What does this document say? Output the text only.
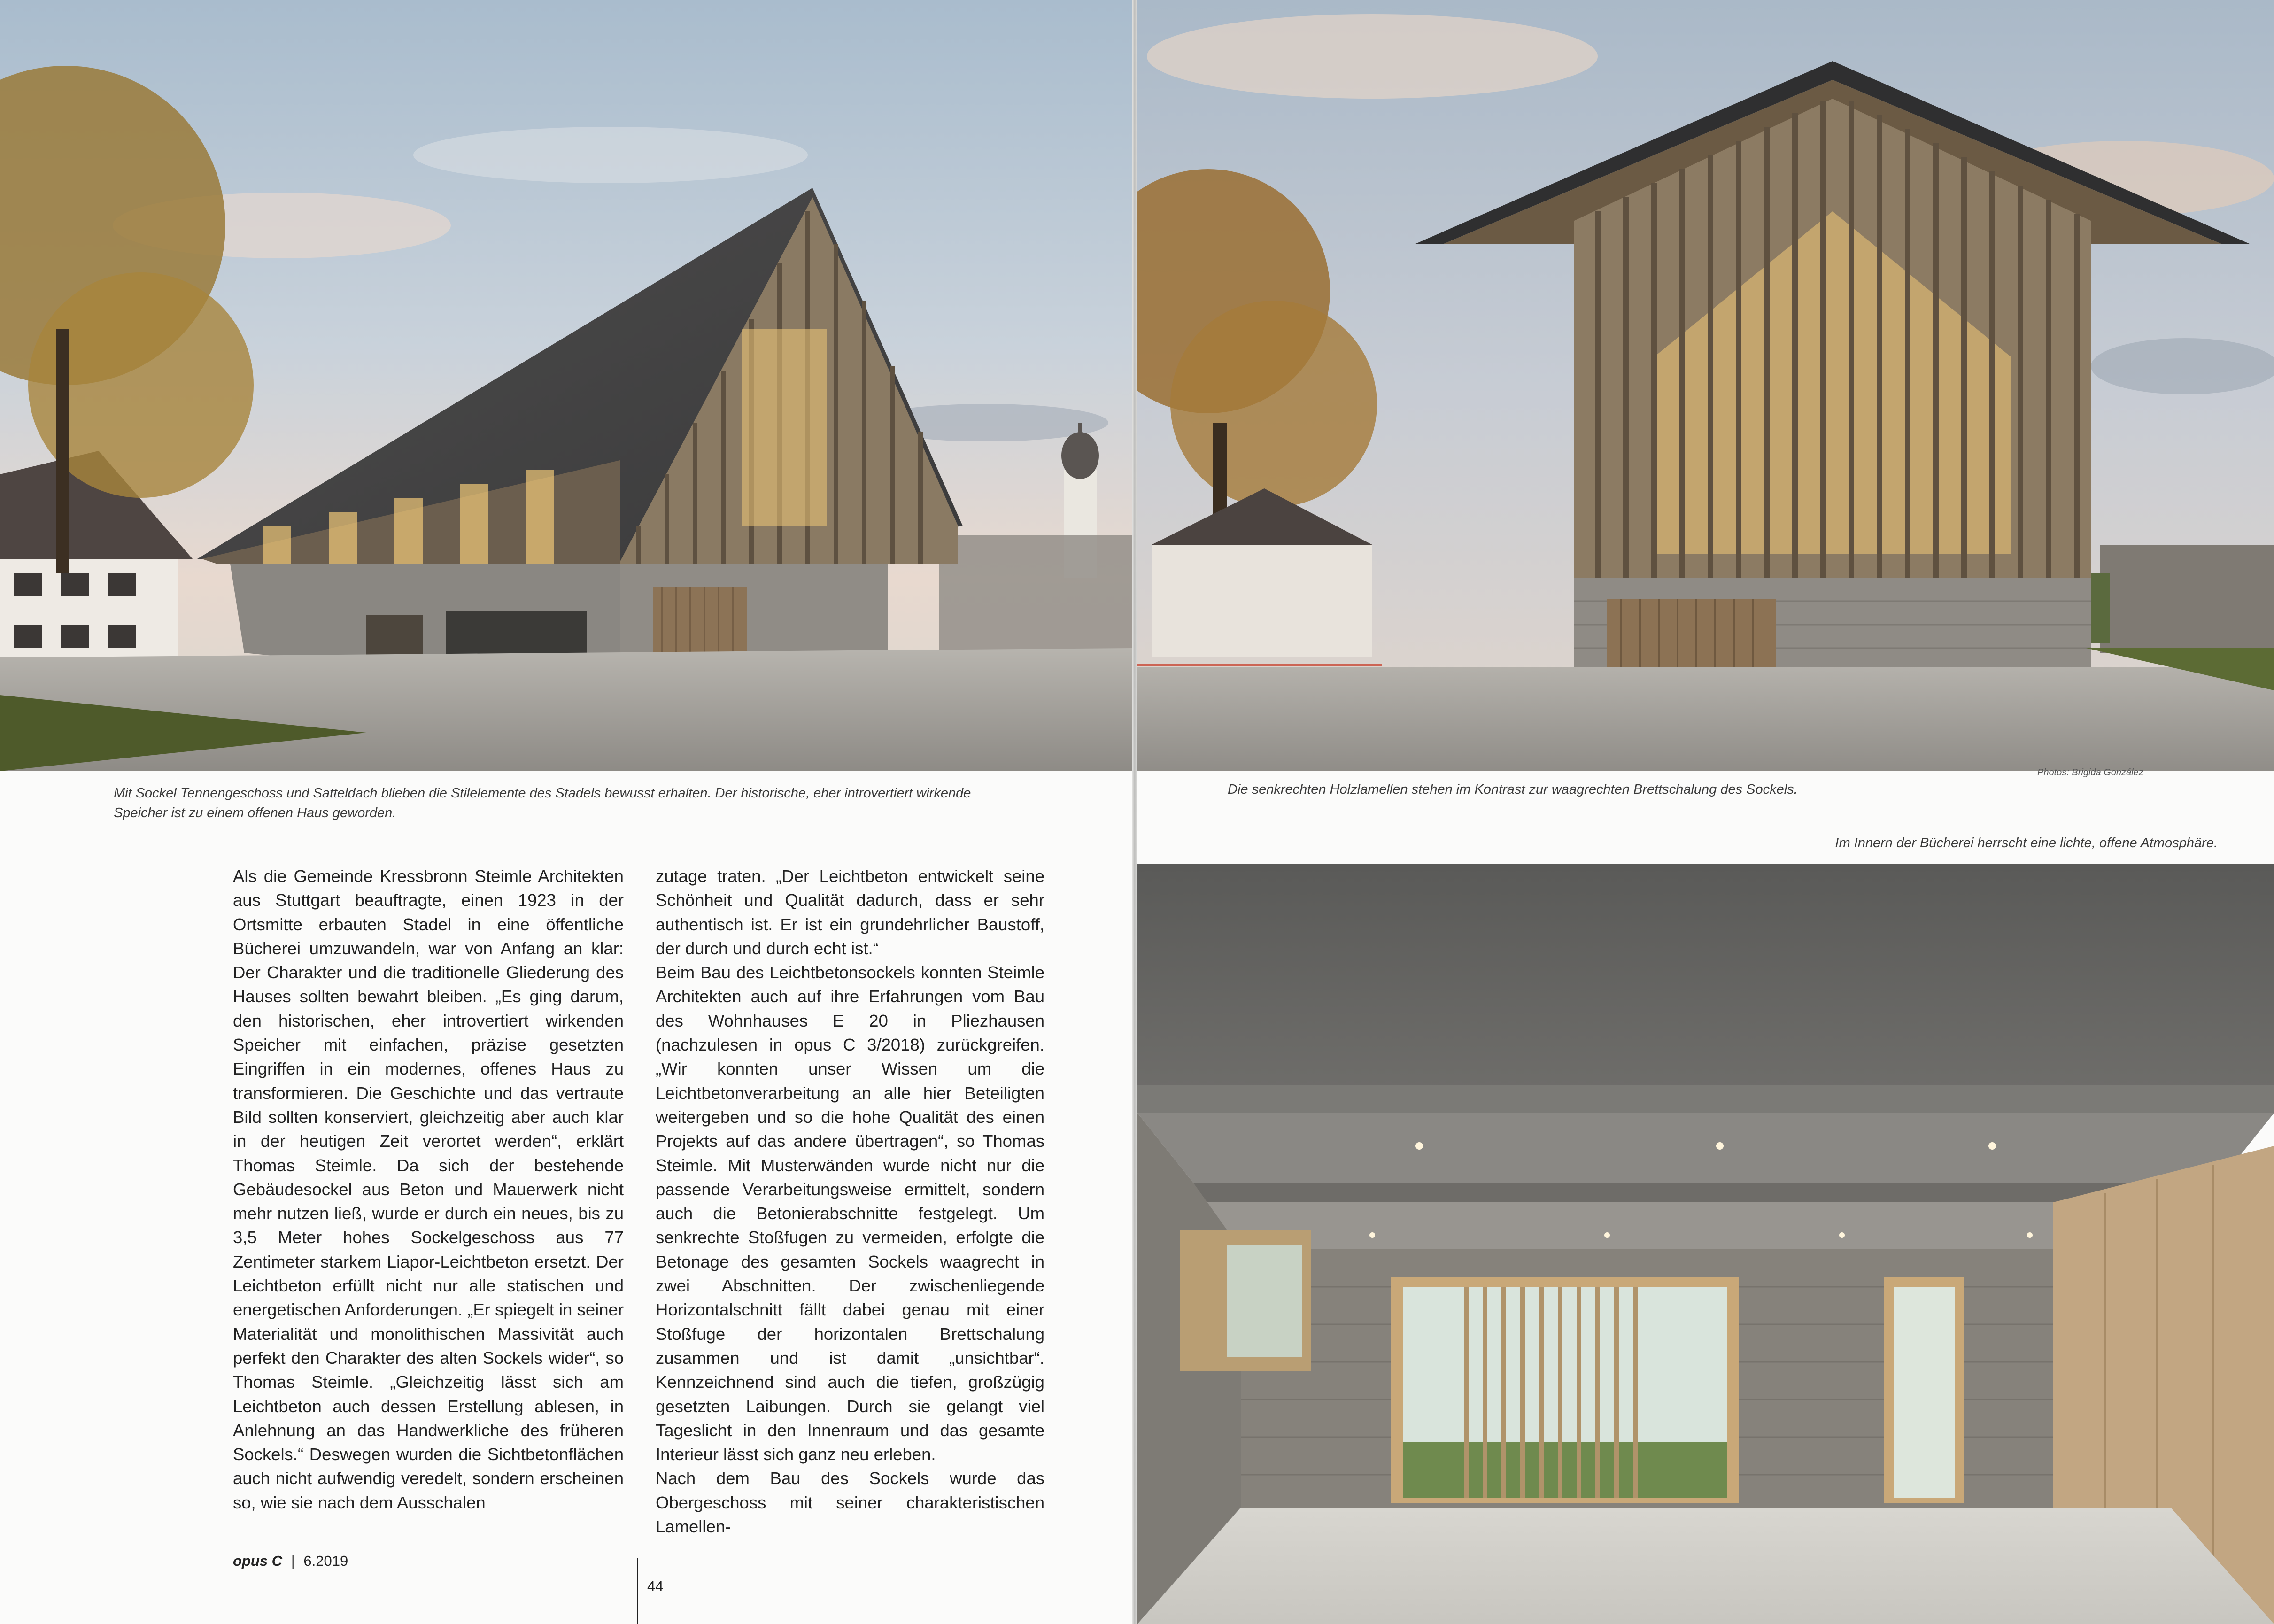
Mit Sockel Tennengeschoss und Satteldach blieben die Stilelemente des Stadels bewusst erhalten. Der historische, eher introvertiert wirkende
Speicher ist zu einem offenen Haus geworden.

Als die Gemeinde Kressbronn Steimle Architekten aus Stuttgart beauftragte, einen 1923 in der Ortsmitte erbauten Stadel in eine öffentliche Bücherei umzuwandeln, war von Anfang an klar: Der Charakter und die traditionelle Gliederung des Hauses sollten bewahrt bleiben. „Es ging darum, den historischen, eher introvertiert wirkenden Speicher mit einfachen, präzise gesetzten Eingriffen in ein modernes, offenes Haus zu transformieren. Die Geschichte und das vertraute Bild sollten konserviert, gleichzeitig aber auch klar in der heutigen Zeit verortet werden“, erklärt Thomas Steimle. Da sich der bestehende Gebäudesockel aus Beton und Mauerwerk nicht mehr nutzen ließ, wurde er durch ein neues, bis zu 3,5 Meter hohes Sockelgeschoss aus 77 Zentimeter starkem Liapor-Leichtbeton ersetzt. Der Leichtbeton erfüllt nicht nur alle statischen und energetischen Anforderungen. „Er spiegelt in seiner Materialität und monolithischen Massivität auch perfekt den Charakter des alten Sockels wider“, so Thomas Steimle. „Gleichzeitig lässt sich am Leichtbeton auch dessen Erstellung ablesen, in Anlehnung an das Handwerkliche des früheren Sockels.“ Deswegen wurden die Sichtbetonflächen auch nicht aufwendig veredelt, sondern erscheinen so, wie sie nach dem Ausschalen

zutage traten. „Der Leichtbeton entwickelt seine Schönheit und Qualität dadurch, dass er sehr authentisch ist. Er ist ein grundehrlicher Baustoff, der durch und durch echt ist.“

Beim Bau des Leichtbetonsockels konnten Steimle Architekten auch auf ihre Erfahrungen vom Bau des Wohnhauses E 20 in Pliezhausen (nachzulesen in opus C 3/2018) zurückgreifen. „Wir konnten unser Wissen um die Leichtbetonverarbeitung an alle hier Beteiligten weitergeben und so die hohe Qualität des einen Projekts auf das andere übertragen“, so Thomas Steimle. Mit Musterwänden wurde nicht nur die passende Verarbeitungsweise ermittelt, sondern auch die Betonierabschnitte festgelegt. Um senkrechte Stoßfugen zu vermeiden, erfolgte die Betonage des gesamten Sockels waagrecht in zwei Abschnitten. Der zwischenliegende Horizontalschnitt fällt dabei genau mit einer Stoßfuge der horizontalen Brettschalung zusammen und ist damit „unsichtbar“. Kennzeichnend sind auch die tiefen, großzügig gesetzten Laibungen. Durch sie gelangt viel Tageslicht in den Innenraum und das gesamte Interieur lässt sich ganz neu erleben.

Nach dem Bau des Sockels wurde das Obergeschoss mit seiner charakteristischen Lamellen-

opus C | 6.2019
44
Die senkrechten Holzlamellen stehen im Kontrast zur waagrechten Brettschalung des Sockels.
Photos: Brigida González
Im Innern der Bücherei herrscht eine lichte, offene Atmosphäre.
